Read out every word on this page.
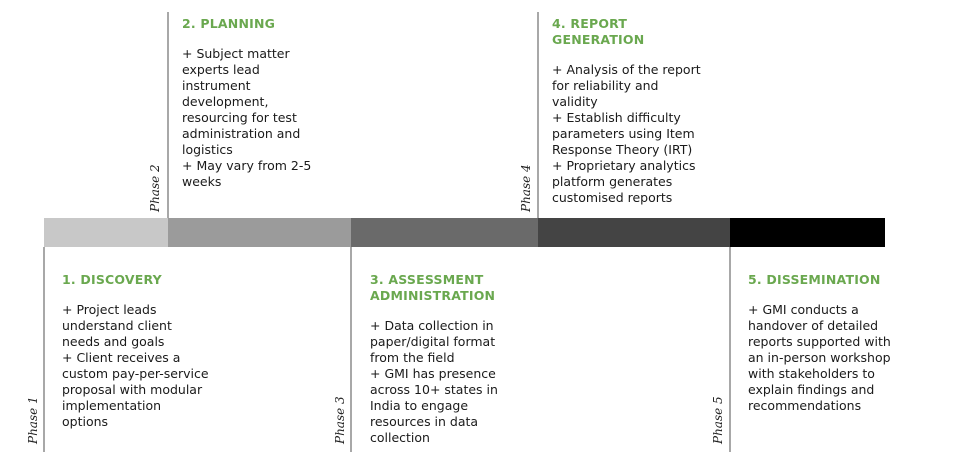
Phase 1
Phase 2
Phase 3
Phase 4
Phase 5
1. DISCOVERY
+ Project leads
understand client
needs and goals
+ Client receives a
custom pay-per-service
proposal with modular
implementation
options
2. PLANNING
+ Subject matter
experts lead
instrument
development,
resourcing for test
administration and
logistics
+ May vary from 2-5
weeks
3. ASSESSMENT
ADMINISTRATION
+ Data collection in
paper/digital format
from the field
+ GMI has presence
across 10+ states in
India to engage
resources in data
collection
4. REPORT
GENERATION
+ Analysis of the report
for reliability and
validity
+ Establish difficulty
parameters using Item
Response Theory (IRT)
+ Proprietary analytics
platform generates
customised reports
5. DISSEMINATION
+ GMI conducts a
handover of detailed
reports supported with
an in-person workshop
with stakeholders to
explain findings and
recommendations
